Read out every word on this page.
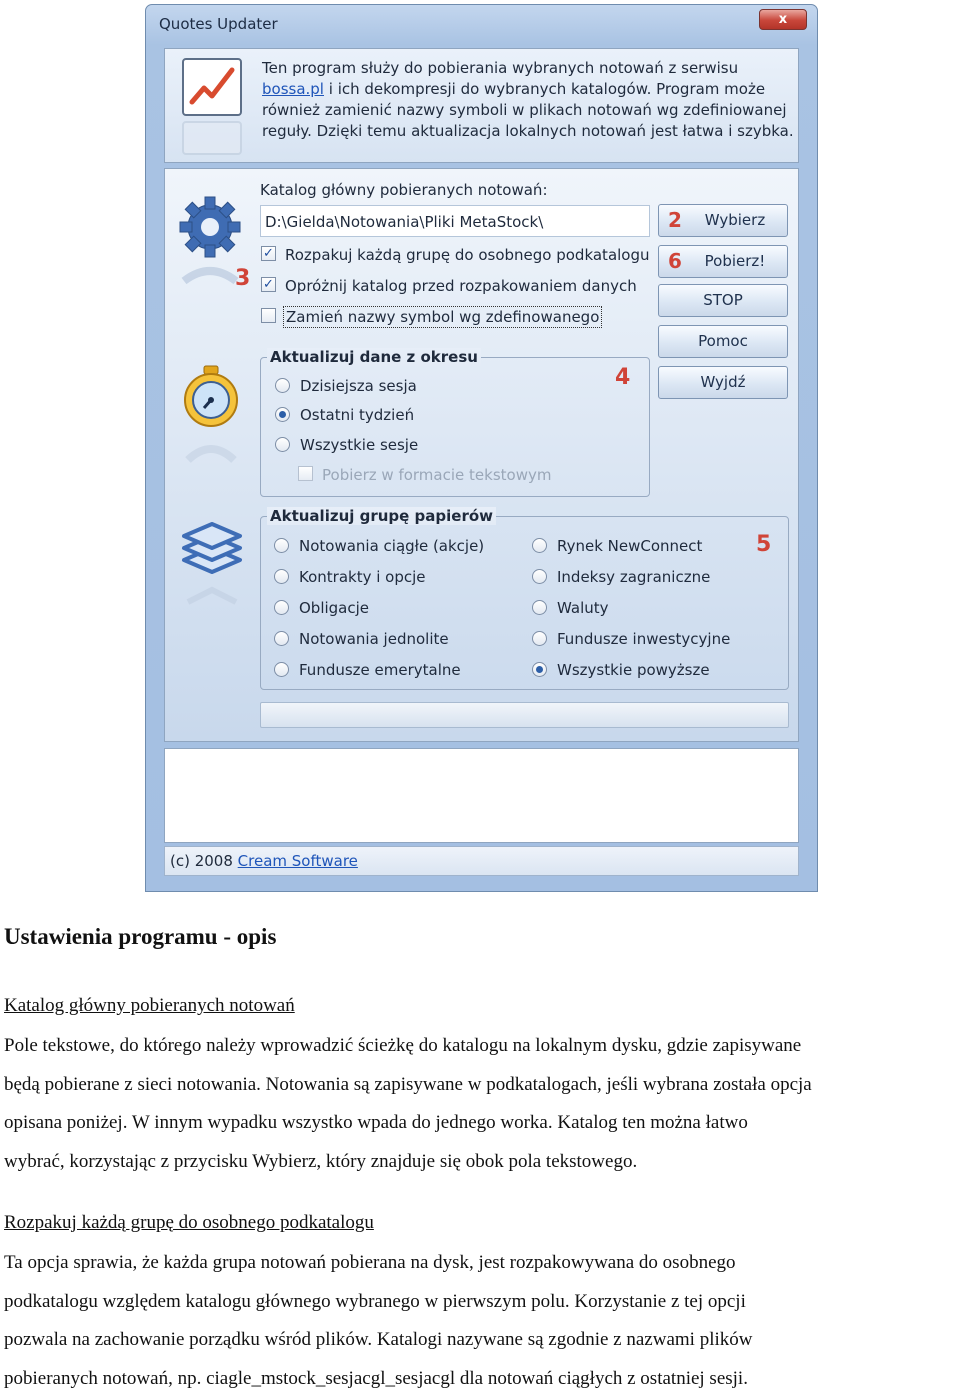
Quotes Updater	x
Ten program służy do pobierania wybranych notowań z serwisu
bossa.pl i ich dekompresji do wybranych katalogów. Program może
również zamienić nazwy symboli w plikach notowań wg zdefiniowanej
reguły. Dzięki temu aktualizacja lokalnych notowań jest łatwa i szybka.
3
Katalog główny pobieranych notowań:
D:\Gielda\Notowania\Pliki MetaStock\
✓ Rozpakuj każdą grupę do osobnego podkatalogu
✓ Opróżnij katalog przed rozpakowaniem danych
Zamień nazwy symbol wg zdefinowanego
2 Wybierz
6 Pobierz!
STOP
Pomoc
Wyjdź
Aktualizuj dane z okresu
4
Dzisiejsza sesja
Ostatni tydzień
Wszystkie sesje
Pobierz w formacie tekstowym
Aktualizuj grupę papierów
5
Notowania ciągłe (akcje)
Kontrakty i opcje
Obligacje
Notowania jednolite
Fundusze emerytalne
Rynek NewConnect
Indeksy zagraniczne
Waluty
Fundusze inwestycyjne
Wszystkie powyższe
(c) 2008 Cream Software
Ustawienia programu - opis
Katalog główny pobieranych notowań
Pole tekstowe, do którego należy wprowadzić ścieżkę do katalogu na lokalnym dysku, gdzie zapisywane
będą pobierane z sieci notowania. Notowania są zapisywane w podkatalogach, jeśli wybrana została opcja
opisana poniżej. W innym wypadku wszystko wpada do jednego worka. Katalog ten można łatwo
wybrać, korzystając z przycisku Wybierz, który znajduje się obok pola tekstowego.
Rozpakuj każdą grupę do osobnego podkatalogu
Ta opcja sprawia, że każda grupa notowań pobierana na dysk, jest rozpakowywana do osobnego
podkatalogu względem katalogu głównego wybranego w pierwszym polu. Korzystanie z tej opcji
pozwala na zachowanie porządku wśród plików. Katalogi nazywane są zgodnie z nazwami plików
pobieranych notowań, np. ciagle_mstock_sesjacgl_sesjacgl dla notowań ciągłych z ostatniej sesji.
